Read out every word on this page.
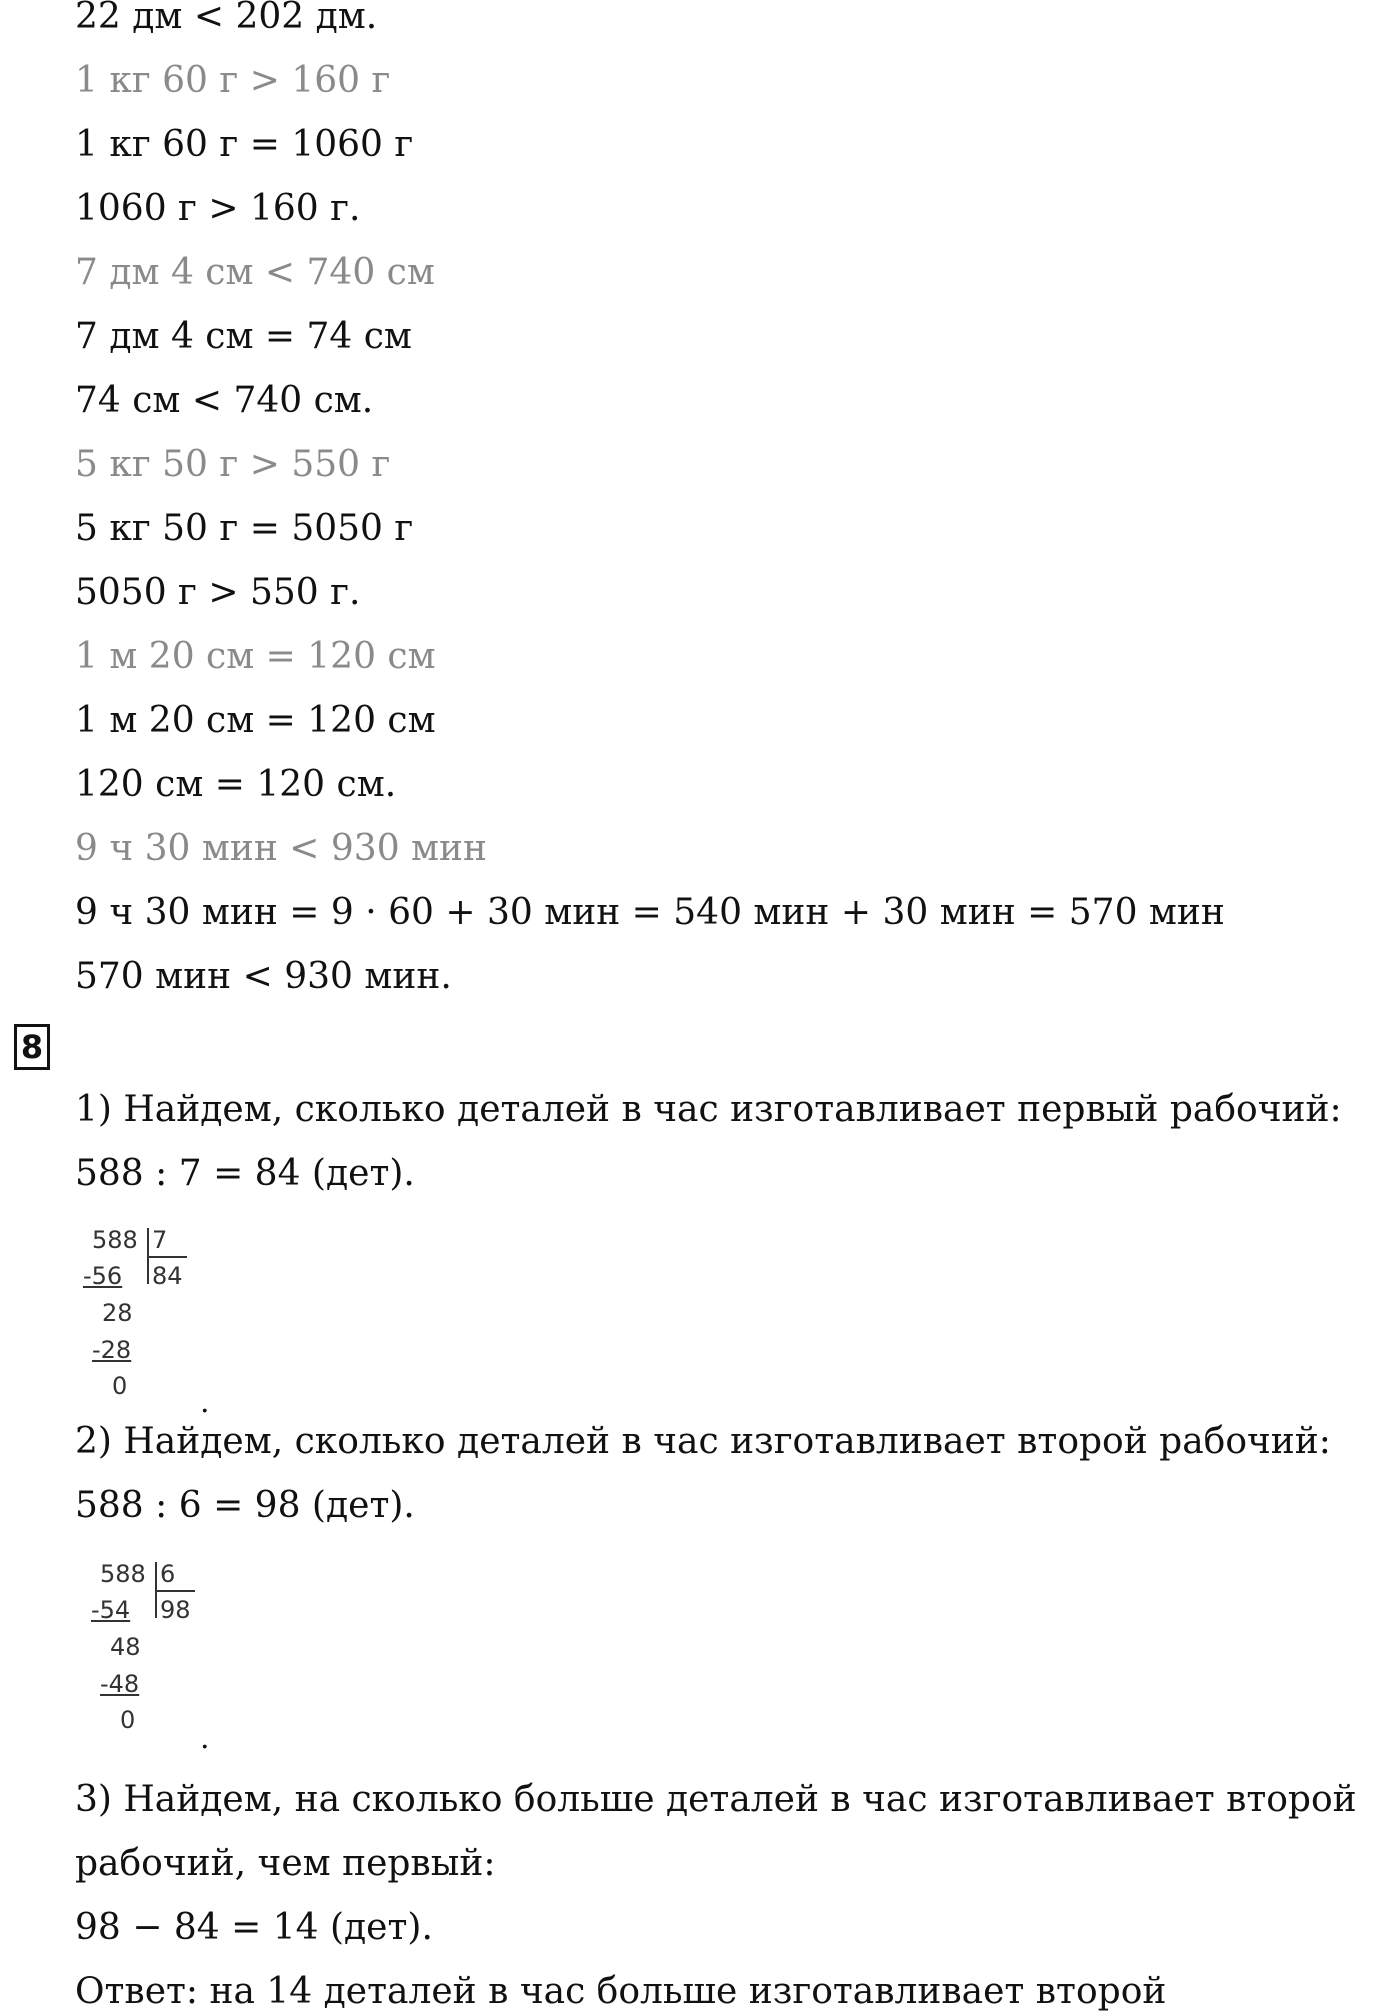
22 дм < 202 дм.
1 кг 60 г > 160 г
1 кг 60 г = 1060 г
1060 г > 160 г.
7 дм 4 см < 740 см
7 дм 4 см = 74 см
74 см < 740 см.
5 кг 50 г > 550 г
5 кг 50 г = 5050 г
5050 г > 550 г.
1 м 20 см = 120 см
1 м 20 см = 120 см
120 см = 120 см.
9 ч 30 мин < 930 мин
9 ч 30 мин = 9 · 60 + 30 мин = 540 мин + 30 мин = 570 мин
570 мин < 930 мин.
8
1) Найдем, сколько деталей в час изготавливает первый рабочий:
588 : 7 = 84 (дет).
588 7
84
-56
28
-28
0 .
2) Найдем, сколько деталей в час изготавливает второй рабочий:
588 : 6 = 98 (дет).
588 6
98
-54
48
-48
0
.
3) Найдем, на сколько больше деталей в час изготавливает второй
рабочий, чем первый:
98 − 84 = 14 (дет).
Ответ: на 14 деталей в час больше изготавливает второй
